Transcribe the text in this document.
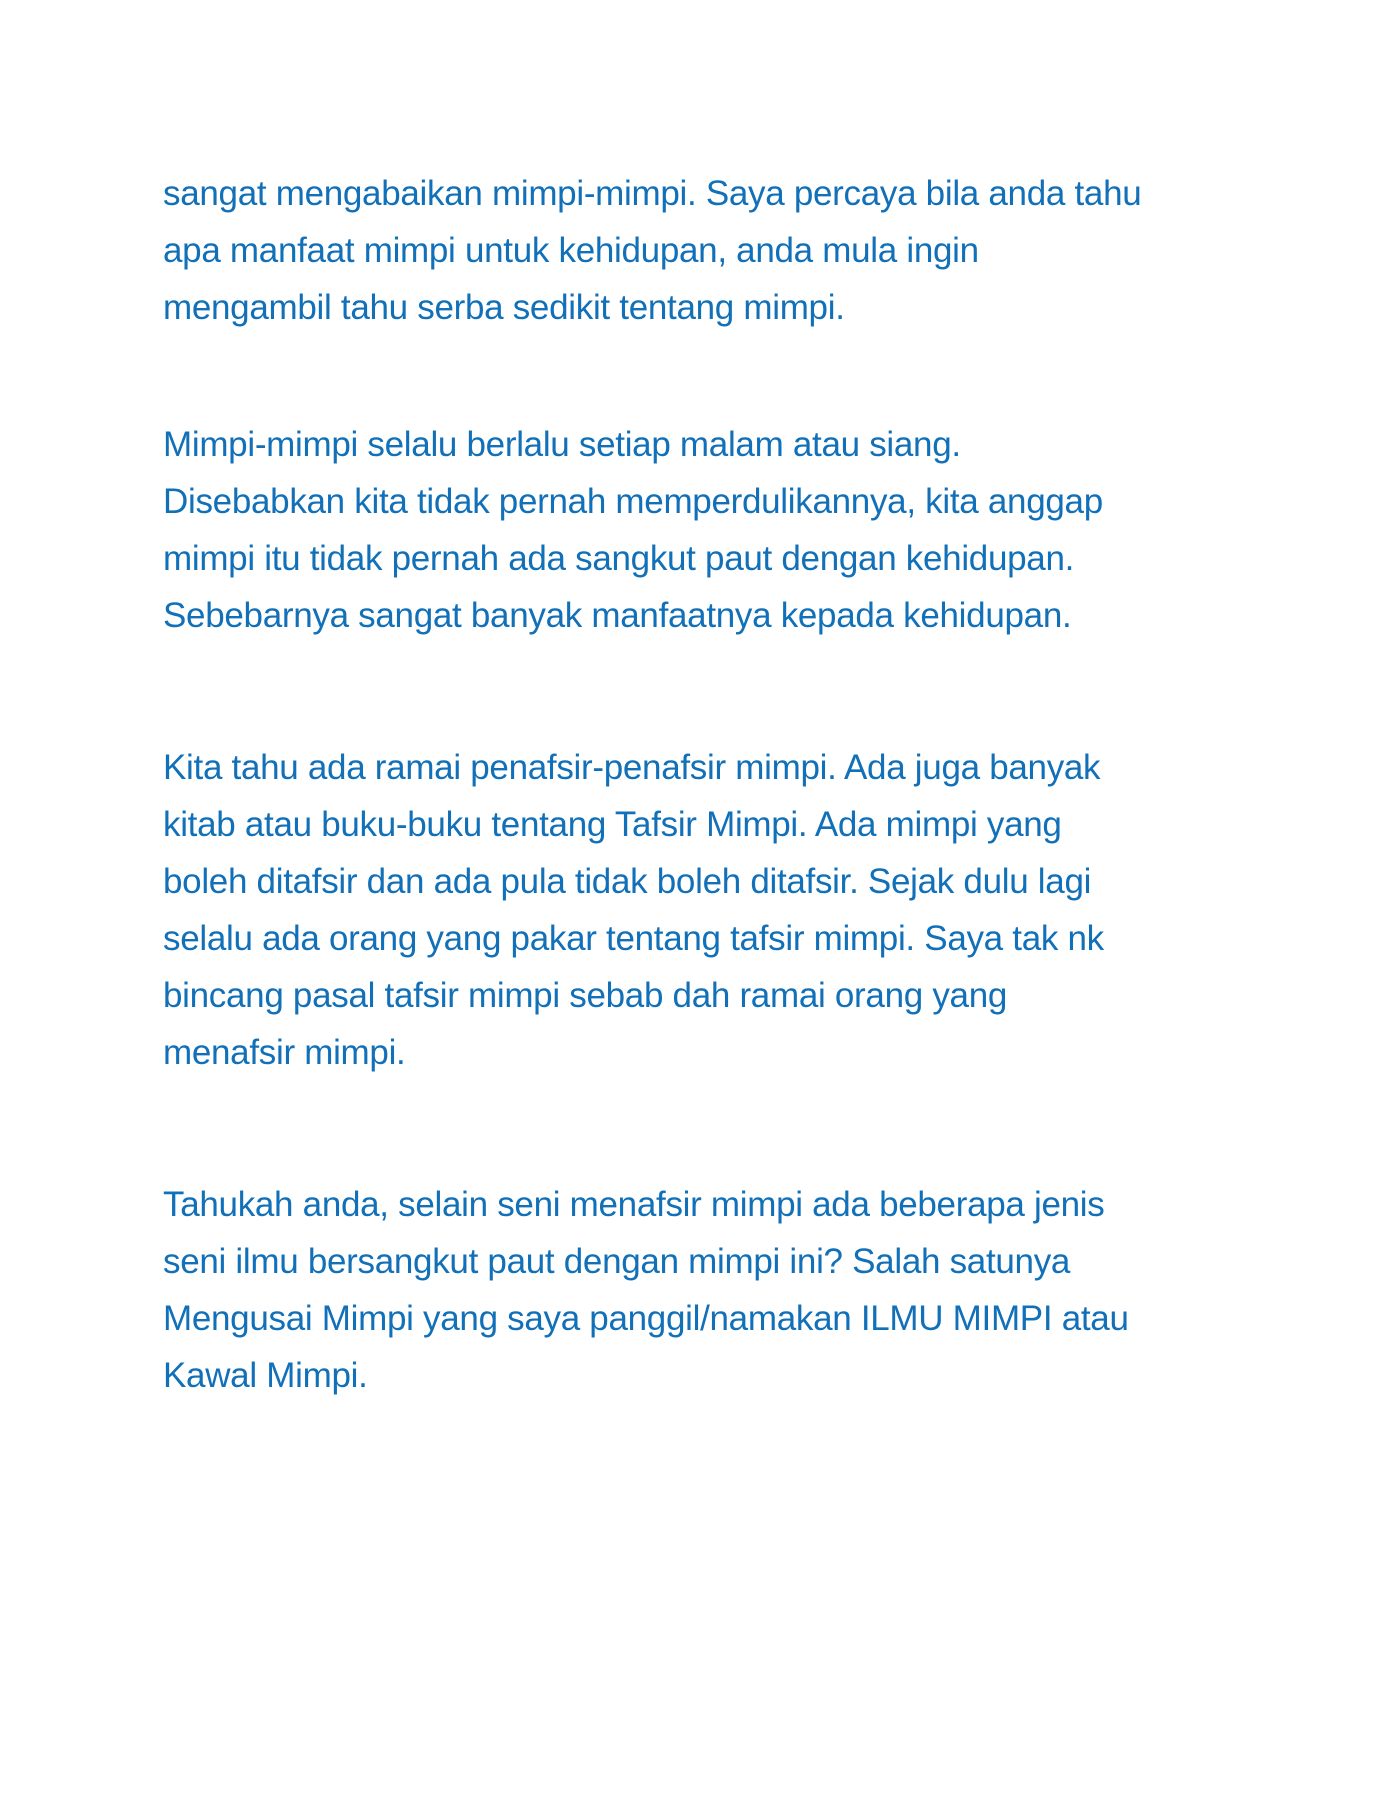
sangat mengabaikan mimpi-mimpi. Saya percaya bila anda tahu
apa manfaat mimpi untuk kehidupan, anda mula ingin
mengambil tahu serba sedikit tentang mimpi.

Mimpi-mimpi selalu berlalu setiap malam atau siang.
Disebabkan kita tidak pernah memperdulikannya, kita anggap
mimpi itu tidak pernah ada sangkut paut dengan kehidupan.
Sebebarnya sangat banyak manfaatnya kepada kehidupan.

Kita tahu ada ramai penafsir-penafsir mimpi. Ada juga banyak
kitab atau buku-buku tentang Tafsir Mimpi. Ada mimpi yang
boleh ditafsir dan ada pula tidak boleh ditafsir. Sejak dulu lagi
selalu ada orang yang pakar tentang tafsir mimpi. Saya tak nk
bincang pasal tafsir mimpi sebab dah ramai orang yang
menafsir mimpi.

Tahukah anda, selain seni menafsir mimpi ada beberapa jenis
seni ilmu bersangkut paut dengan mimpi ini? Salah satunya
Mengusai Mimpi yang saya panggil/namakan ILMU MIMPI atau
Kawal Mimpi.
